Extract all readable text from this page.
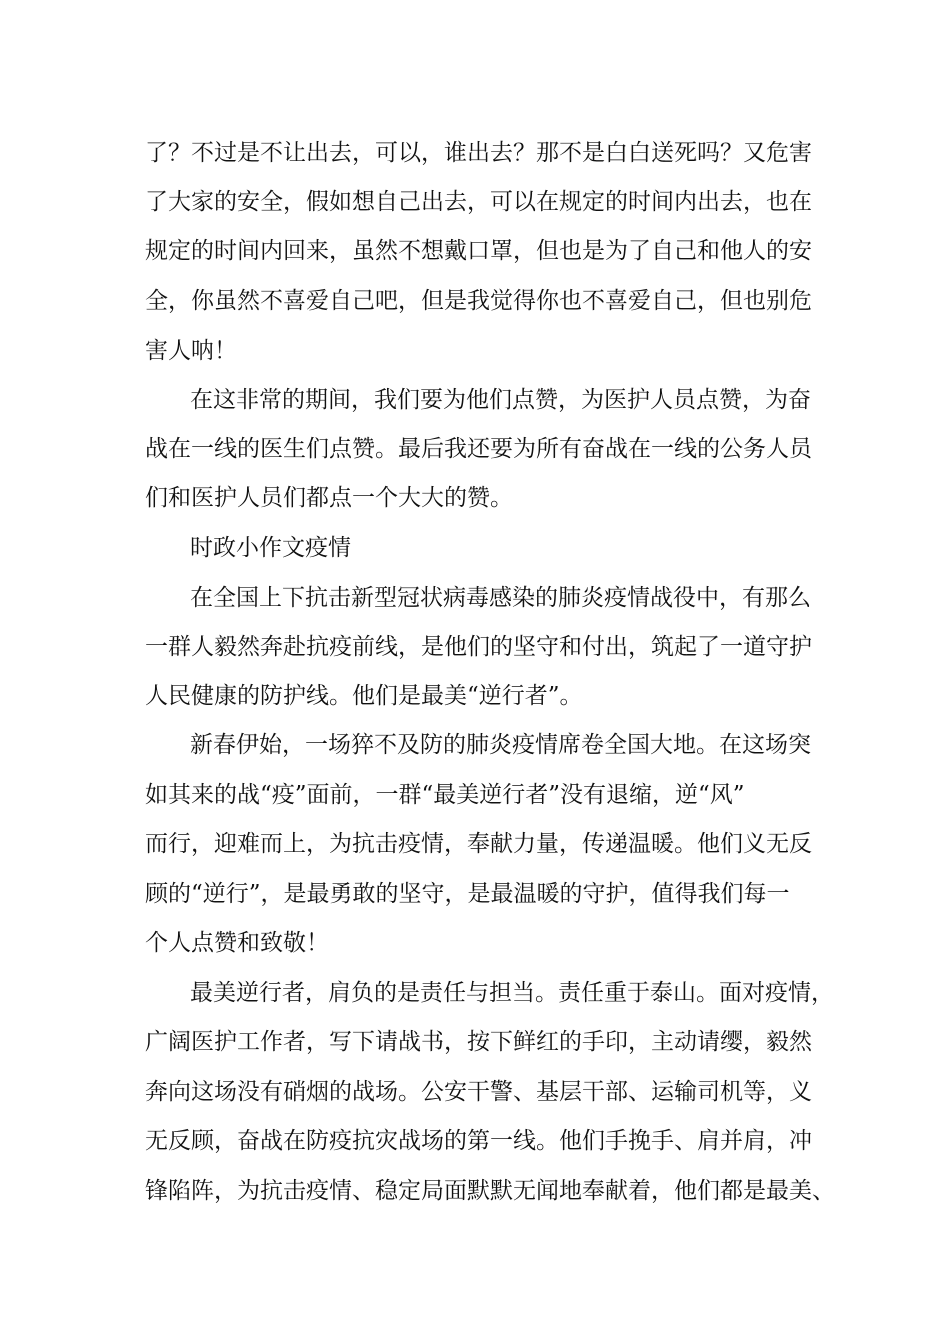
了？不过是不让出去，可以，谁出去？那不是白白送死吗？又危害
了大家的安全，假如想自己出去，可以在规定的时间内出去，也在
规定的时间内回来，虽然不想戴口罩，但也是为了自己和他人的安
全，你虽然不喜爱自己吧，但是我觉得你也不喜爱自己，但也别危
害人呐！
在这非常的期间，我们要为他们点赞，为医护人员点赞，为奋
战在一线的医生们点赞。最后我还要为所有奋战在一线的公务人员
们和医护人员们都点一个大大的赞。
时政小作文疫情
在全国上下抗击新型冠状病毒感染的肺炎疫情战役中，有那么
一群人毅然奔赴抗疫前线，是他们的坚守和付出，筑起了一道守护
人民健康的防护线。他们是最美“逆行者”。
新春伊始，一场猝不及防的肺炎疫情席卷全国大地。在这场突
如其来的战“疫”面前，一群“最美逆行者”没有退缩，逆“风”
而行，迎难而上，为抗击疫情，奉献力量，传递温暖。他们义无反
顾的“逆行”，是最勇敢的坚守，是最温暖的守护，值得我们每一
个人点赞和致敬！
最美逆行者，肩负的是责任与担当。责任重于泰山。面对疫情，
广阔医护工作者，写下请战书，按下鲜红的手印，主动请缨，毅然
奔向这场没有硝烟的战场。公安干警、基层干部、运输司机等，义
无反顾，奋战在防疫抗灾战场的第一线。他们手挽手、肩并肩，冲
锋陷阵，为抗击疫情、稳定局面默默无闻地奉献着，他们都是最美、
